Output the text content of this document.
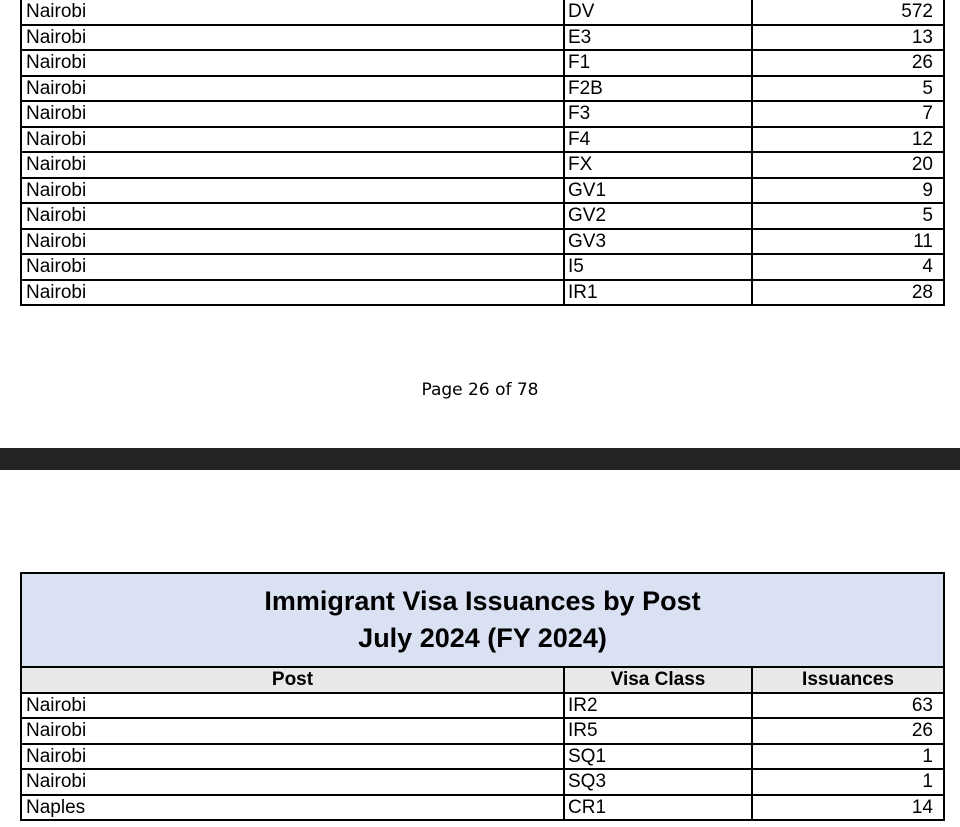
Nairobi	DV	572
Nairobi	E3	13
Nairobi	F1	26
Nairobi	F2B	5
Nairobi	F3	7
Nairobi	F4	12
Nairobi	FX	20
Nairobi	GV1	9
Nairobi	GV2	5
Nairobi	GV3	11
Nairobi	I5	4
Nairobi	IR1	28
Page 26 of 78
Immigrant Visa Issuances by Post
July 2024 (FY 2024)		

Post	Visa Class	Issuances
Nairobi	IR2	63
Nairobi	IR5	26
Nairobi	SQ1	1
Nairobi	SQ3	1
Naples	CR1	14
